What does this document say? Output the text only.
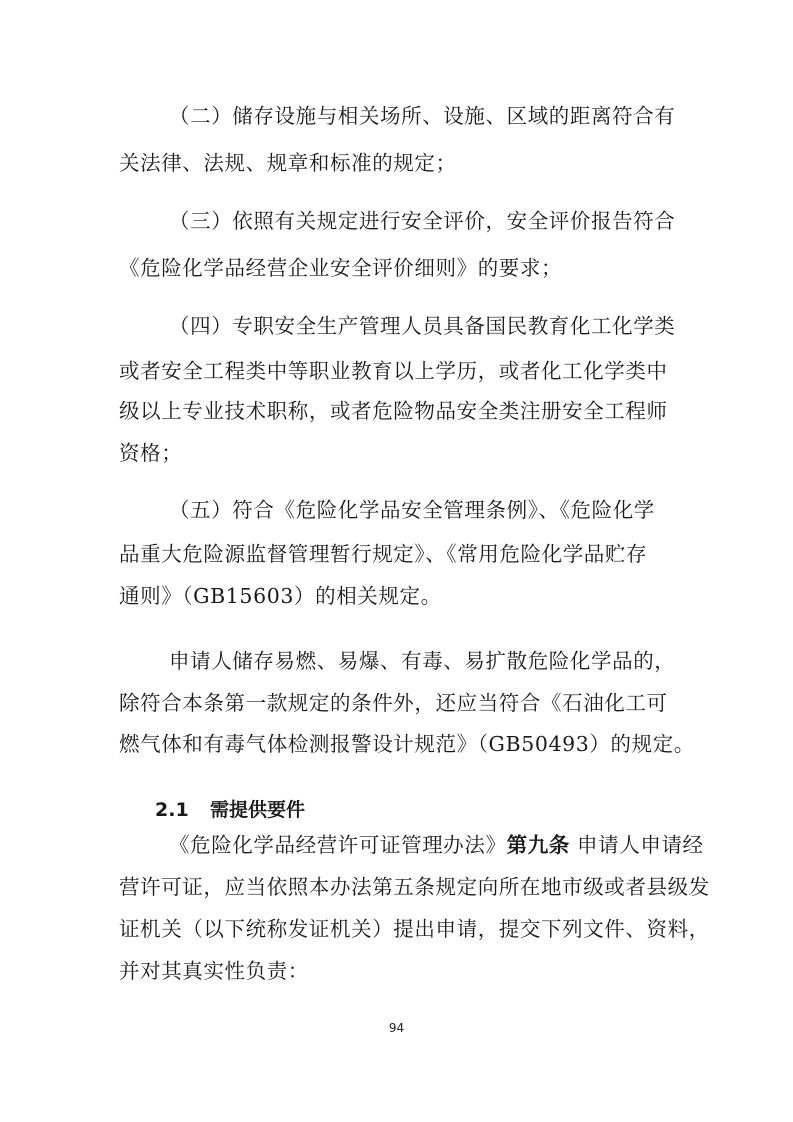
（二）储存设施与相关场所、设施、区域的距离符合有
关法律、法规、规章和标准的规定；
（三）依照有关规定进行安全评价，安全评价报告符合
《危险化学品经营企业安全评价细则》的要求；
（四）专职安全生产管理人员具备国民教育化工化学类
或者安全工程类中等职业教育以上学历，或者化工化学类中
级以上专业技术职称，或者危险物品安全类注册安全工程师
资格；
（五）符合《危险化学品安全管理条例》、《危险化学
品重大危险源监督管理暂行规定》、《常用危险化学品贮存
通则》（GB15603）的相关规定。
申请人储存易燃、易爆、有毒、易扩散危险化学品的，
除符合本条第一款规定的条件外，还应当符合《石油化工可
燃气体和有毒气体检测报警设计规范》（GB50493）的规定。
2.1 需提供要件
《危险化学品经营许可证管理办法》第九条 申请人申请经
营许可证，应当依照本办法第五条规定向所在地市级或者县级发
证机关（以下统称发证机关）提出申请，提交下列文件、资料，
并对其真实性负责：
94
